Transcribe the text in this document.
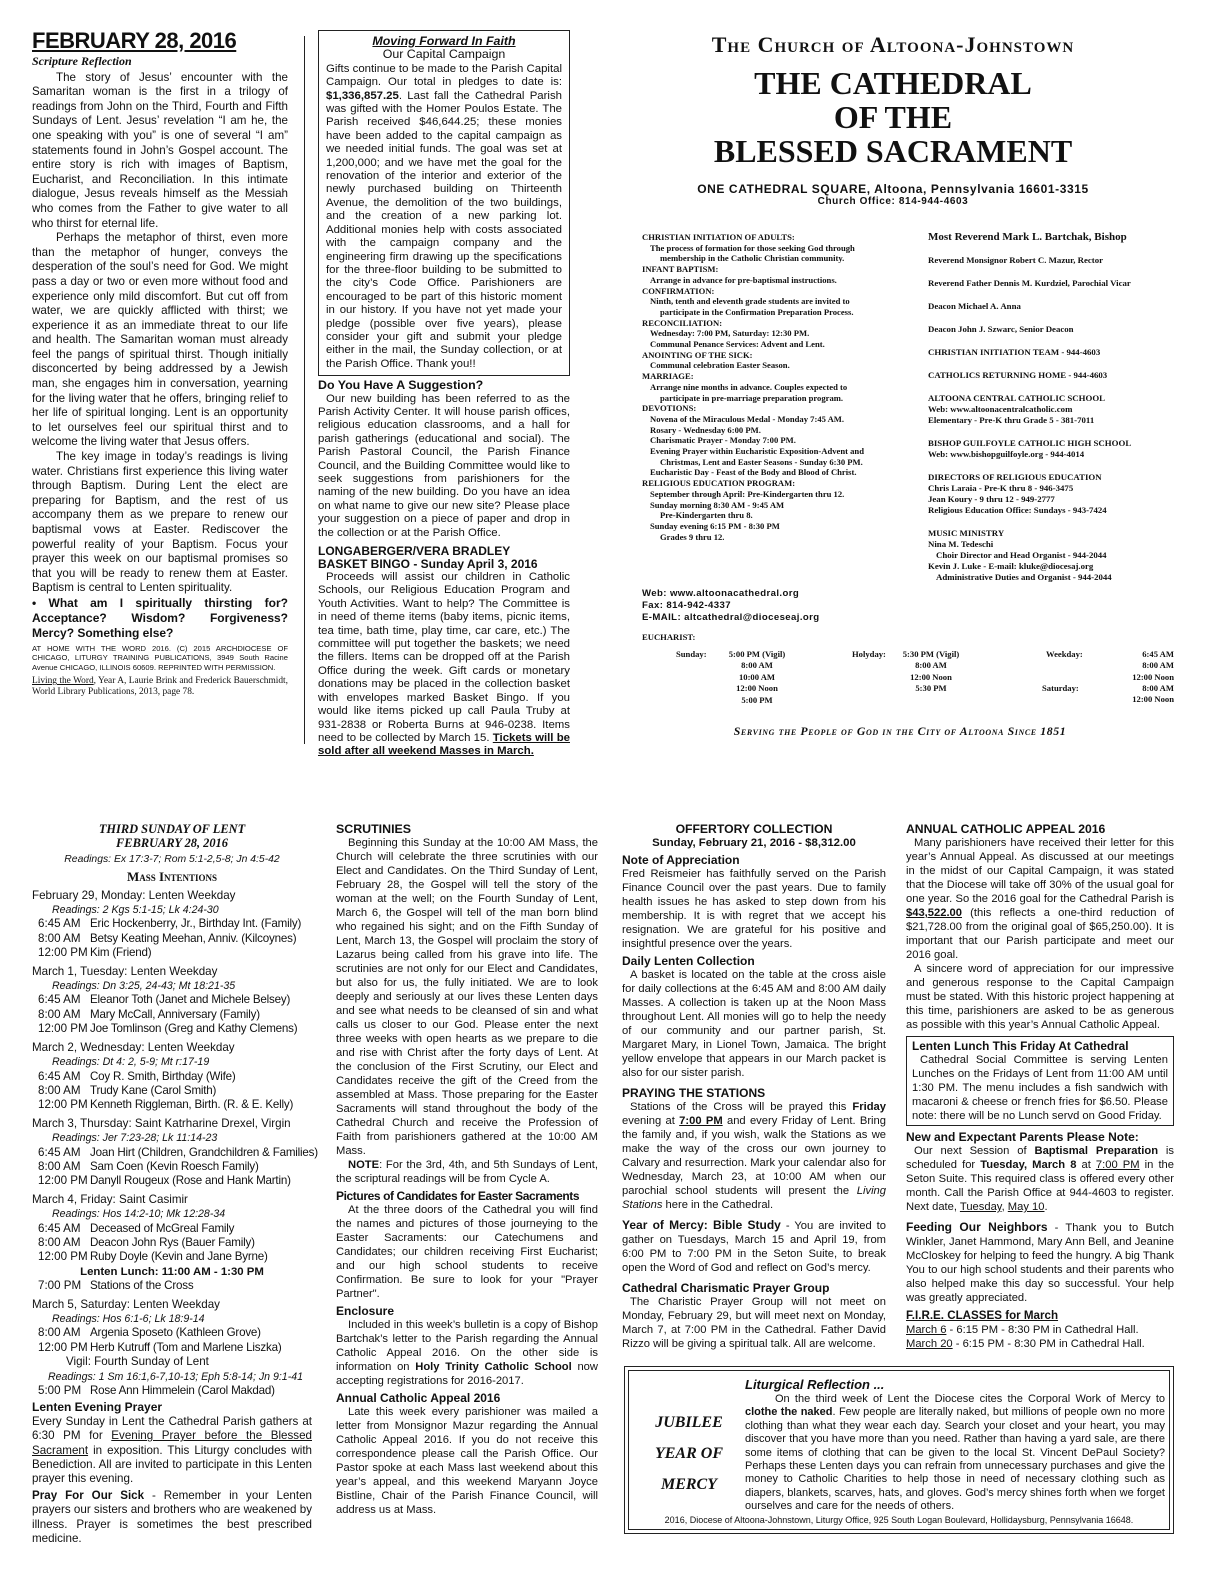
FEBRUARY 28, 2016
Scripture Reflection

The story of Jesus’ encounter with the Samaritan woman is the first in a trilogy of readings from John on the Third, Fourth and Fifth Sundays of Lent. Jesus’ revelation “I am he, the one speaking with you” is one of several “I am” statements found in John’s Gospel account. The entire story is rich with images of Baptism, Eucharist, and Reconciliation. In this intimate dialogue, Jesus reveals himself as the Messiah who comes from the Father to give water to all who thirst for eternal life.

Perhaps the metaphor of thirst, even more than the metaphor of hunger, conveys the desperation of the soul’s need for God. We might pass a day or two or even more without food and experience only mild discomfort. But cut off from water, we are quickly afflicted with thirst; we experience it as an immediate threat to our life and health. The Samaritan woman must already feel the pangs of spiritual thirst. Though initially disconcerted by being addressed by a Jewish man, she engages him in conversation, yearning for the living water that he offers, bringing relief to her life of spiritual longing. Lent is an opportunity to let ourselves feel our spiritual thirst and to welcome the living water that Jesus offers.

The key image in today’s readings is living water. Christians first experience this living water through Baptism. During Lent the elect are preparing for Baptism, and the rest of us accompany them as we prepare to renew our baptismal vows at Easter. Rediscover the powerful reality of your Baptism. Focus your prayer this week on our baptismal promises so that you will be ready to renew them at Easter. Baptism is central to Lenten spirituality.

• What am I spiritually thirsting for? Acceptance? Wisdom? Forgiveness? Mercy? Something else?

AT HOME WITH THE WORD 2016. (C) 2015 ARCHDIOCESE OF CHICAGO, LITURGY TRAINING PUBLICATIONS, 3949 South Racine Avenue CHICAGO, ILLINOIS 60609. REPRINTED WITH PERMISSION.

Living the Word, Year A, Laurie Brink and Frederick Bauerschmidt, World Library Publications, 2013, page 78.

Moving Forward In Faith
Our Capital Campaign

Gifts continue to be made to the Parish Capital Campaign. Our total in pledges to date is: $1,336,857.25. Last fall the Cathedral Parish was gifted with the Homer Poulos Estate. The Parish received $46,644.25; these monies have been added to the capital campaign as we needed initial funds. The goal was set at 1,200,000; and we have met the goal for the renovation of the interior and exterior of the newly purchased building on Thirteenth Avenue, the demolition of the two buildings, and the creation of a new parking lot. Additional monies help with costs associated with the campaign company and the engineering firm drawing up the specifications for the three-floor building to be submitted to the city’s Code Office. Parishioners are encouraged to be part of this historic moment in our history. If you have not yet made your pledge (possible over five years), please consider your gift and submit your pledge either in the mail, the Sunday collection, or at the Parish Office. Thank you!!

Do You Have A Suggestion?

Our new building has been referred to as the Parish Activity Center. It will house parish offices, religious education classrooms, and a hall for parish gatherings (educational and social). The Parish Pastoral Council, the Parish Finance Council, and the Building Committee would like to seek suggestions from parishioners for the naming of the new building. Do you have an idea on what name to give our new site? Please place your suggestion on a piece of paper and drop in the collection or at the Parish Office.

LONGABERGER/VERA BRADLEY
BASKET BINGO - Sunday April 3, 2016

Proceeds will assist our children in Catholic Schools, our Religious Education Program and Youth Activities. Want to help? The Committee is in need of theme items (baby items, picnic items, tea time, bath time, play time, car care, etc.) The committee will put together the baskets; we need the fillers. Items can be dropped off at the Parish Office during the week. Gift cards or monetary donations may be placed in the collection basket with envelopes marked Basket Bingo. If you would like items picked up call Paula Truby at 931-2838 or Roberta Burns at 946-0238. Items need to be collected by March 15. Tickets will be sold after all weekend Masses in March.

The Church of Altoona-Johnstown
THE CATHEDRAL
OF THE
BLESSED SACRAMENT
ONE CATHEDRAL SQUARE, Altoona, Pennsylvania 16601-3315
Church Office: 814-944-4603
CHRISTIAN INITIATION OF ADULTS:
The process of formation for those seeking God through
membership in the Catholic Christian community.
INFANT BAPTISM:
Arrange in advance for pre-baptismal instructions.
CONFIRMATION:
Ninth, tenth and eleventh grade students are invited to
participate in the Confirmation Preparation Process.
RECONCILIATION:
Wednesday: 7:00 PM, Saturday: 12:30 PM.
Communal Penance Services: Advent and Lent.
ANOINTING OF THE SICK:
Communal celebration Easter Season.
MARRIAGE:
Arrange nine months in advance. Couples expected to
participate in pre-marriage preparation program.
DEVOTIONS:
Novena of the Miraculous Medal - Monday 7:45 AM.
Rosary - Wednesday 6:00 PM.
Charismatic Prayer - Monday 7:00 PM.
Evening Prayer within Eucharistic Exposition-Advent and
Christmas, Lent and Easter Seasons - Sunday 6:30 PM.
Eucharistic Day - Feast of the Body and Blood of Christ.
RELIGIOUS EDUCATION PROGRAM:
September through April: Pre-Kindergarten thru 12.
Sunday morning 8:30 AM - 9:45 AM
Pre-Kindergarten thru 8.
Sunday evening 6:15 PM - 8:30 PM
Grades 9 thru 12.
Web: www.altoonacathedral.org
Fax: 814-942-4337
E-MAIL: altcathedral@dioceseaj.org
Most Reverend Mark L. Bartchak, Bishop
Reverend Monsignor Robert C. Mazur, Rector
Reverend Father Dennis M. Kurdziel, Parochial Vicar
Deacon Michael A. Anna
Deacon John J. Szwarc, Senior Deacon
CHRISTIAN INITIATION TEAM - 944-4603
CATHOLICS RETURNING HOME - 944-4603
ALTOONA CENTRAL CATHOLIC SCHOOL
Web: www.altoonacentralcatholic.com
Elementary - Pre-K thru Grade 5 - 381-7011
BISHOP GUILFOYLE CATHOLIC HIGH SCHOOL
Web: www.bishopguilfoyle.org - 944-4014
DIRECTORS OF RELIGIOUS EDUCATION
Chris Laraia - Pre-K thru 8 - 946-3475
Jean Koury - 9 thru 12 - 949-2777
Religious Education Office: Sundays - 943-7424
MUSIC MINISTRY
Nina M. Tedeschi
Choir Director and Head Organist - 944-2044
Kevin J. Luke - E-mail: kluke@diocesaj.org
Administrative Duties and Organist - 944-2044
EUCHARIST:
Sunday:	5:00 PM (Vigil)
8:00 AM
10:00 AM
12:00 Noon
5:00 PM
Holyday:	5:30 PM (Vigil)
8:00 AM
12:00 Noon
5:30 PM
Weekday:	6:45 AM
8:00 AM
12:00 Noon
Saturday:	8:00 AM
12:00 Noon
Serving the People of God in the City of Altoona Since 1851
THIRD SUNDAY OF LENT
FEBRUARY 28, 2016
Readings: Ex 17:3-7; Rom 5:1-2,5-8; Jn 4:5-42
Mass Intentions
February 29, Monday: Lenten Weekday
Readings: 2 Kgs 5:1-15; Lk 4:24-30
6:45 AM Eric Hockenberry, Jr., Birthday Int. (Family)
8:00 AM Betsy Keating Meehan, Anniv. (Kilcoynes)
12:00 PM Kim (Friend)
March 1, Tuesday: Lenten Weekday
Readings: Dn 3:25, 24-43; Mt 18:21-35
6:45 AM Eleanor Toth (Janet and Michele Belsey)
8:00 AM Mary McCall, Anniversary (Family)
12:00 PM Joe Tomlinson (Greg and Kathy Clemens)
March 2, Wednesday: Lenten Weekday
Readings: Dt 4: 2, 5-9; Mt r:17-19
6:45 AM Coy R. Smith, Birthday (Wife)
8:00 AM Trudy Kane (Carol Smith)
12:00 PM Kenneth Riggleman, Birth. (R. & E. Kelly)
March 3, Thursday: Saint Katrharine Drexel, Virgin
Readings: Jer 7:23-28; Lk 11:14-23
6:45 AM Joan Hirt (Children, Grandchildren & Families)
8:00 AM Sam Coen (Kevin Roesch Family)
12:00 PM Danyll Rougeux (Rose and Hank Martin)
March 4, Friday: Saint Casimir
Readings: Hos 14:2-10; Mk 12:28-34
6:45 AM Deceased of McGreal Family
8:00 AM Deacon John Rys (Bauer Family)
12:00 PM Ruby Doyle (Kevin and Jane Byrne)
Lenten Lunch: 11:00 AM - 1:30 PM
7:00 PM Stations of the Cross
March 5, Saturday: Lenten Weekday
Readings: Hos 6:1-6; Lk 18:9-14
8:00 AM Argenia Sposeto (Kathleen Grove)
12:00 PM Herb Kutruff (Tom and Marlene Liszka)
Vigil: Fourth Sunday of Lent
Readings: 1 Sm 16:1,6-7,10-13; Eph 5:8-14; Jn 9:1-41
5:00 PM Rose Ann Himmelein (Carol Makdad)
Lenten Evening Prayer

Every Sunday in Lent the Cathedral Parish gathers at 6:30 PM for Evening Prayer before the Blessed Sacrament in exposition. This Liturgy concludes with Benediction. All are invited to participate in this Lenten prayer this evening.

Pray For Our Sick - Remember in your Lenten prayers our sisters and brothers who are weakened by illness. Prayer is sometimes the best prescribed medicine.

SCRUTINIES

Beginning this Sunday at the 10:00 AM Mass, the Church will celebrate the three scrutinies with our Elect and Candidates. On the Third Sunday of Lent, February 28, the Gospel will tell the story of the woman at the well; on the Fourth Sunday of Lent, March 6, the Gospel will tell of the man born blind who regained his sight; and on the Fifth Sunday of Lent, March 13, the Gospel will proclaim the story of Lazarus being called from his grave into life. The scrutinies are not only for our Elect and Candidates, but also for us, the fully initiated. We are to look deeply and seriously at our lives these Lenten days and see what needs to be cleansed of sin and what calls us closer to our God. Please enter the next three weeks with open hearts as we prepare to die and rise with Christ after the forty days of Lent. At the conclusion of the First Scrutiny, our Elect and Candidates receive the gift of the Creed from the assembled at Mass. Those preparing for the Easter Sacraments will stand throughout the body of the Cathedral Church and receive the Profession of Faith from parishioners gathered at the 10:00 AM Mass.

NOTE: For the 3rd, 4th, and 5th Sundays of Lent, the scriptural readings will be from Cycle A.

Pictures of Candidates for Easter Sacraments

At the three doors of the Cathedral you will find the names and pictures of those journeying to the Easter Sacraments: our Catechumens and Candidates; our children receiving First Eucharist; and our high school students to receive Confirmation. Be sure to look for your "Prayer Partner".

Enclosure

Included in this week’s bulletin is a copy of Bishop Bartchak’s letter to the Parish regarding the Annual Catholic Appeal 2016. On the other side is information on Holy Trinity Catholic School now accepting registrations for 2016-2017.

Annual Catholic Appeal 2016

Late this week every parishioner was mailed a letter from Monsignor Mazur regarding the Annual Catholic Appeal 2016. If you do not receive this correspondence please call the Parish Office. Our Pastor spoke at each Mass last weekend about this year’s appeal, and this weekend Maryann Joyce Bistline, Chair of the Parish Finance Council, will address us at Mass.

OFFERTORY COLLECTION
Sunday, February 21, 2016 - $8,312.00
Note of Appreciation

Fred Reismeier has faithfully served on the Parish Finance Council over the past years. Due to family health issues he has asked to step down from his membership. It is with regret that we accept his resignation. We are grateful for his positive and insightful presence over the years.

Daily Lenten Collection

A basket is located on the table at the cross aisle for daily collections at the 6:45 AM and 8:00 AM daily Masses. A collection is taken up at the Noon Mass throughout Lent. All monies will go to help the needy of our community and our partner parish, St. Margaret Mary, in Lionel Town, Jamaica. The bright yellow envelope that appears in our March packet is also for our sister parish.

PRAYING THE STATIONS

Stations of the Cross will be prayed this Friday evening at 7:00 PM and every Friday of Lent. Bring the family and, if you wish, walk the Stations as we make the way of the cross our own journey to Calvary and resurrection. Mark your calendar also for Wednesday, March 23, at 10:00 AM when our parochial school students will present the Living Stations here in the Cathedral.

Year of Mercy: Bible Study - You are invited to gather on Tuesdays, March 15 and April 19, from 6:00 PM to 7:00 PM in the Seton Suite, to break open the Word of God and reflect on God’s mercy.

Cathedral Charismatic Prayer Group

The Charistic Prayer Group will not meet on Monday, February 29, but will meet next on Monday, March 7, at 7:00 PM in the Cathedral. Father David Rizzo will be giving a spiritual talk. All are welcome.

ANNUAL CATHOLIC APPEAL 2016

Many parishioners have received their letter for this year’s Annual Appeal. As discussed at our meetings in the midst of our Capital Campaign, it was stated that the Diocese will take off 30% of the usual goal for one year. So the 2016 goal for the Cathedral Parish is $43,522.00 (this reflects a one-third reduction of $21,728.00 from the original goal of $65,250.00). It is important that our Parish participate and meet our 2016 goal.

A sincere word of appreciation for our impressive and generous response to the Capital Campaign must be stated. With this historic project happening at this time, parishioners are asked to be as generous as possible with this year’s Annual Catholic Appeal.

Lenten Lunch This Friday At Cathedral

Cathedral Social Committee is serving Lenten Lunches on the Fridays of Lent from 11:00 AM until 1:30 PM. The menu includes a fish sandwich with macaroni & cheese or french fries for $6.50. Please note: there will be no Lunch servd on Good Friday.

New and Expectant Parents Please Note:

Our next Session of Baptismal Preparation is scheduled for Tuesday, March 8 at 7:00 PM in the Seton Suite. This required class is offered every other month. Call the Parish Office at 944-4603 to register. Next date, Tuesday, May 10.

Feeding Our Neighbors - Thank you to Butch Winkler, Janet Hammond, Mary Ann Bell, and Jeanine McCloskey for helping to feed the hungry. A big Thank You to our high school students and their parents who also helped make this day so successful. Your help was greatly appreciated.

F.I.R.E. CLASSES for March
March 6 - 6:15 PM - 8:30 PM in Cathedral Hall.
March 20 - 6:15 PM - 8:30 PM in Cathedral Hall.
Liturgical Reflection ...
JUBILEE
YEAR OF
MERCY

On the third week of Lent the Diocese cites the Corporal Work of Mercy to clothe the naked. Few people are literally naked, but millions of people own no more clothing than what they wear each day. Search your closet and your heart, you may discover that you have more than you need. Rather than having a yard sale, are there some items of clothing that can be given to the local St. Vincent DePaul Society? Perhaps these Lenten days you can refrain from unnecessary purchases and give the money to Catholic Charities to help those in need of necessary clothing such as diapers, blankets, scarves, hats, and gloves. God’s mercy shines forth when we forget ourselves and care for the needs of others.

2016, Diocese of Altoona-Johnstown, Liturgy Office, 925 South Logan Boulevard, Hollidaysburg, Pennsylvania 16648.
